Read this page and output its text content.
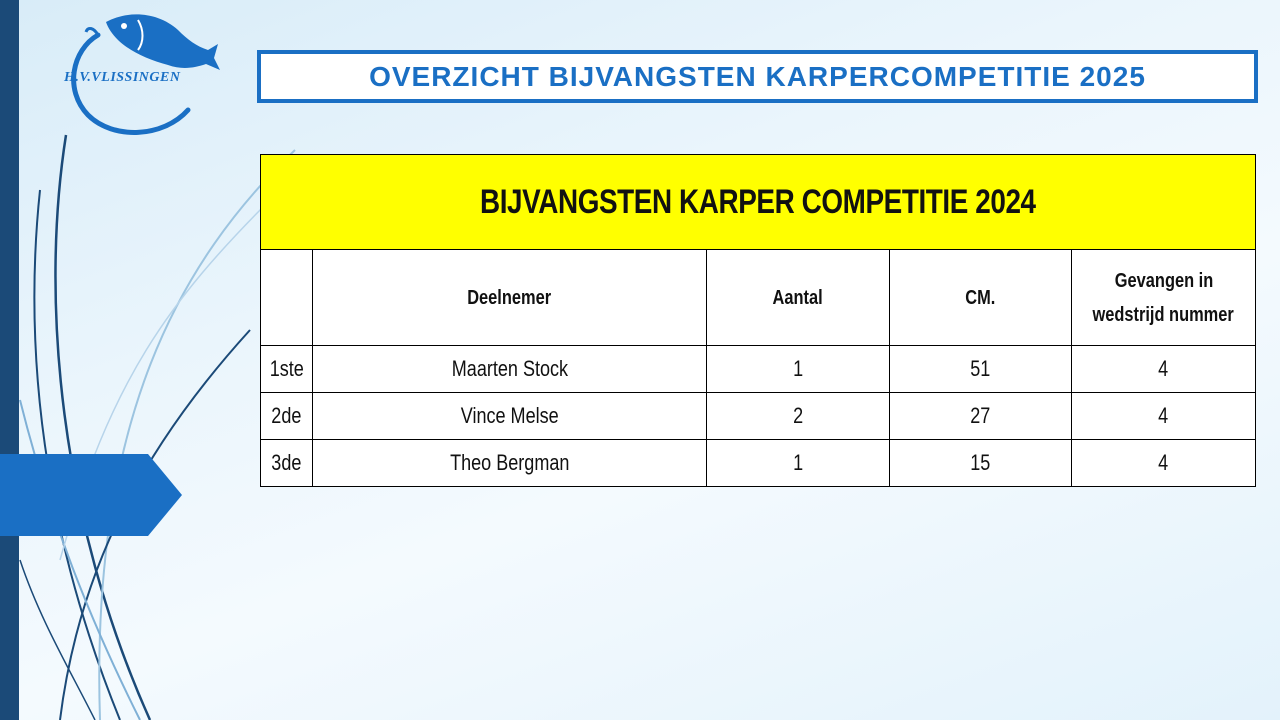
H.V.VLISSINGEN	OVERZICHT BIJVANGSTEN KARPERCOMPETITIE 2025
BIJVANGSTEN KARPER COMPETITIE 2024				
	Deelnemer	Aantal	CM.	Gevangen in
wedstrijd nummer
1ste	Maarten Stock	1	51	4
2de	Vince Melse	2	27	4
3de	Theo Bergman	1	15	4
